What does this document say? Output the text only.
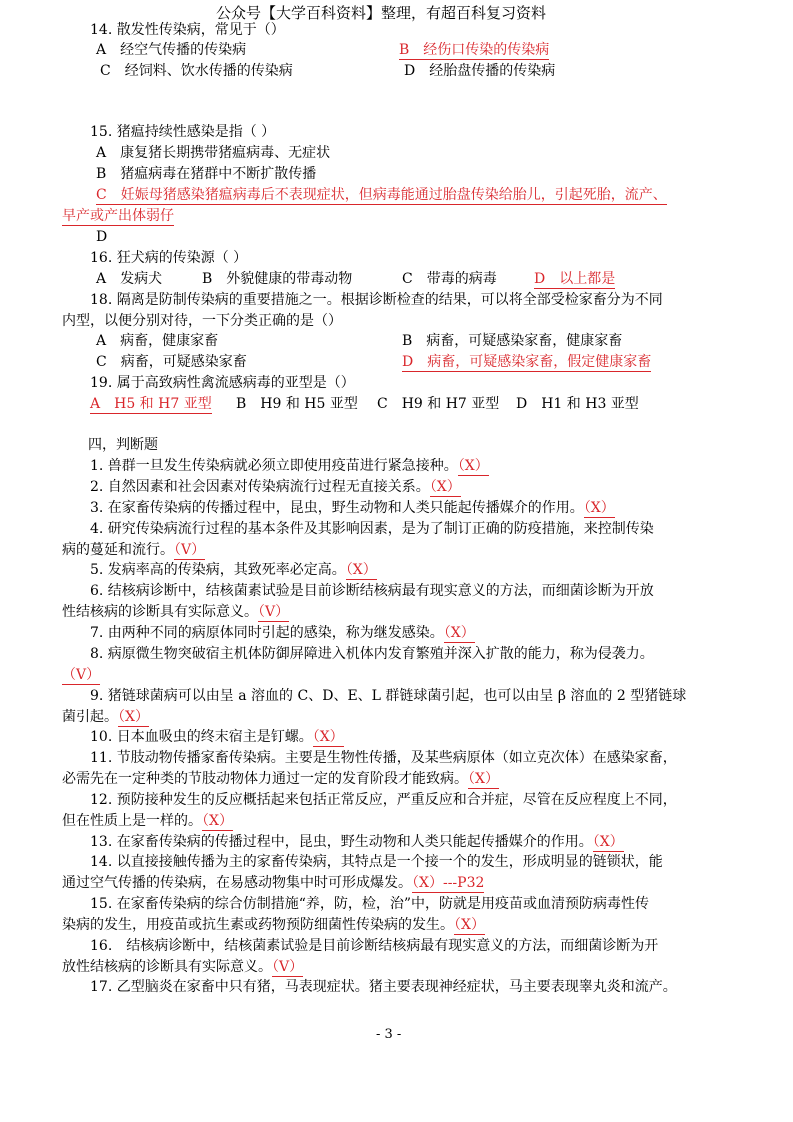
公众号【大学百科资料】整理，有超百科复习资料
14. 散发性传染病，常见于（）
A　经空气传播的传染病	B　经伤口传染的传染病
C　经饲料、饮水传播的传染病	D　经胎盘传播的传染病
15. 猪瘟持续性感染是指（ ）
A　康复猪长期携带猪瘟病毒、无症状
B　猪瘟病毒在猪群中不断扩散传播
C　妊娠母猪感染猪瘟病毒后不表现症状，但病毒能通过胎盘传染给胎儿，引起死胎，流产、
早产或产出体弱仔
D
16. 狂犬病的传染源（ ）
A　发病犬	B　外貌健康的带毒动物	C　带毒的病毒	D　以上都是
18. 隔离是防制传染病的重要措施之一。根据诊断检查的结果，可以将全部受检家畜分为不同
内型，以便分别对待，一下分类正确的是（）
A　病畜，健康家畜	B　病畜，可疑感染家畜，健康家畜
C　病畜，可疑感染家畜	D　病畜，可疑感染家畜，假定健康家畜
19. 属于高致病性禽流感病毒的亚型是（）
A　H5 和 H7 亚型 B　H9 和 H5 亚型 C　H9 和 H7 亚型 D　H1 和 H3 亚型
四，判断题
1. 兽群一旦发生传染病就必须立即使用疫苗进行紧急接种。（X）
2. 自然因素和社会因素对传染病流行过程无直接关系。（X）
3. 在家畜传染病的传播过程中，昆虫，野生动物和人类只能起传播媒介的作用。（X）
4. 研究传染病流行过程的基本条件及其影响因素，是为了制订正确的防疫措施，来控制传染
病的蔓延和流行。（V）
5. 发病率高的传染病，其致死率必定高。（X）
6. 结核病诊断中，结核菌素试验是目前诊断结核病最有现实意义的方法，而细菌诊断为开放
性结核病的诊断具有实际意义。（V）
7. 由两种不同的病原体同时引起的感染，称为继发感染。（X）
8. 病原微生物突破宿主机体防御屏障进入机体内发育繁殖并深入扩散的能力，称为侵袭力。
（V）
9. 猪链球菌病可以由呈 a 溶血的 C、D、E、L 群链球菌引起，也可以由呈 β 溶血的 2 型猪链球
菌引起。（X）
10. 日本血吸虫的终末宿主是钉螺。（X）
11. 节肢动物传播家畜传染病。主要是生物性传播，及某些病原体（如立克次体）在感染家畜，
必需先在一定种类的节肢动物体力通过一定的发育阶段才能致病。（X）
12. 预防接种发生的反应概括起来包括正常反应，严重反应和合并症，尽管在反应程度上不同，
但在性质上是一样的。（X）
13. 在家畜传染病的传播过程中，昆虫，野生动物和人类只能起传播媒介的作用。（X）
14. 以直接接触传播为主的家畜传染病，其特点是一个接一个的发生，形成明显的链锁状，能
通过空气传播的传染病，在易感动物集中时可形成爆发。（X）---P32
15. 在家畜传染病的综合仿制措施“养，防，检，治”中，防就是用疫苗或血清预防病毒性传
染病的发生，用疫苗或抗生素或药物预防细菌性传染病的发生。（X）
16.　结核病诊断中，结核菌素试验是目前诊断结核病最有现实意义的方法，而细菌诊断为开
放性结核病的诊断具有实际意义。（V）
17. 乙型脑炎在家畜中只有猪，马表现症状。猪主要表现神经症状，马主要表现睾丸炎和流产。
- 3 -
